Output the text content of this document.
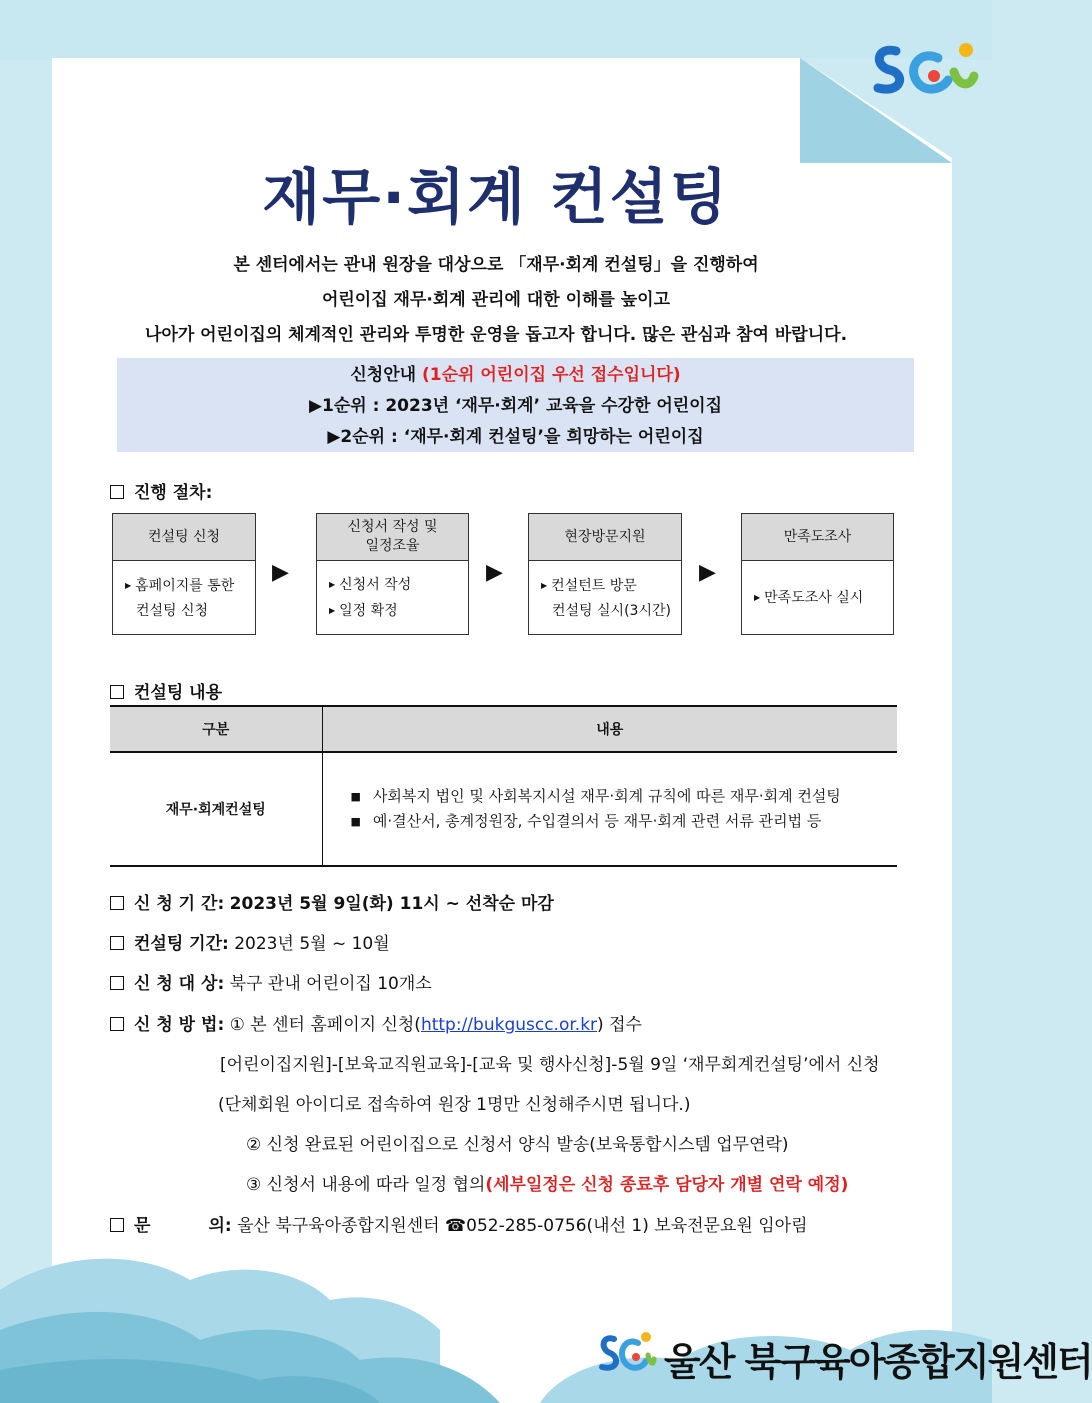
재무·회계 컨설팅
본 센터에서는 관내 원장을 대상으로 「재무·회계 컨설팅」을 진행하여
어린이집 재무·회계 관리에 대한 이해를 높이고
나아가 어린이집의 체계적인 관리와 투명한 운영을 돕고자 합니다. 많은 관심과 참여 바랍니다.
신청안내 (1순위 어린이집 우선 접수입니다)
▶1순위 : 2023년 ‘재무·회계’ 교육을 수강한 어린이집
▶2순위 : ‘재무·회계 컨설팅’을 희망하는 어린이집
진행 절차:
컨설팅 신청
▶ 홈페이지를 통한
컨설팅 신청
▶
신청서 작성 및 일정조율
▶ 신청서 작성
▶ 일정 확정
▶
현장방문지원
▶ 컨설턴트 방문
컨설팅 실시(3시간)
▶
만족도조사
▶ 만족도조사 실시
컨설팅 내용
구분	내용
재무·회계컨설팅	■ 사회복지 법인 및 사회복지시설 재무·회계 규칙에 따른 재무·회계 컨설팅
■ 예·결산서, 총계정원장, 수입결의서 등 재무·회계 관련 서류 관리법 등
신 청 기 간: 2023년 5월 9일(화) 11시 ~ 선착순 마감
컨설팅 기간: 2023년 5월 ~ 10월
신 청 대 상: 북구 관내 어린이집 10개소
신 청 방 법: ① 본 센터 홈페이지 신청(http://bukguscc.or.kr) 접수
[어린이집지원]-[보육교직원교육]-[교육 및 행사신청]-5월 9일 ‘재무회계컨설팅’에서 신청
(단체회원 아이디로 접속하여 원장 1명만 신청해주시면 됩니다.)
② 신청 완료된 어린이집으로 신청서 양식 발송(보육통합시스템 업무연락)
③ 신청서 내용에 따라 일정 협의(세부일정은 신청 종료후 담당자 개별 연락 예정)
문	의: 울산 북구육아종합지원센터 ☎052-285-0756(내선 1) 보육전문요원 임아림
울산 북구육아종합지원센터
